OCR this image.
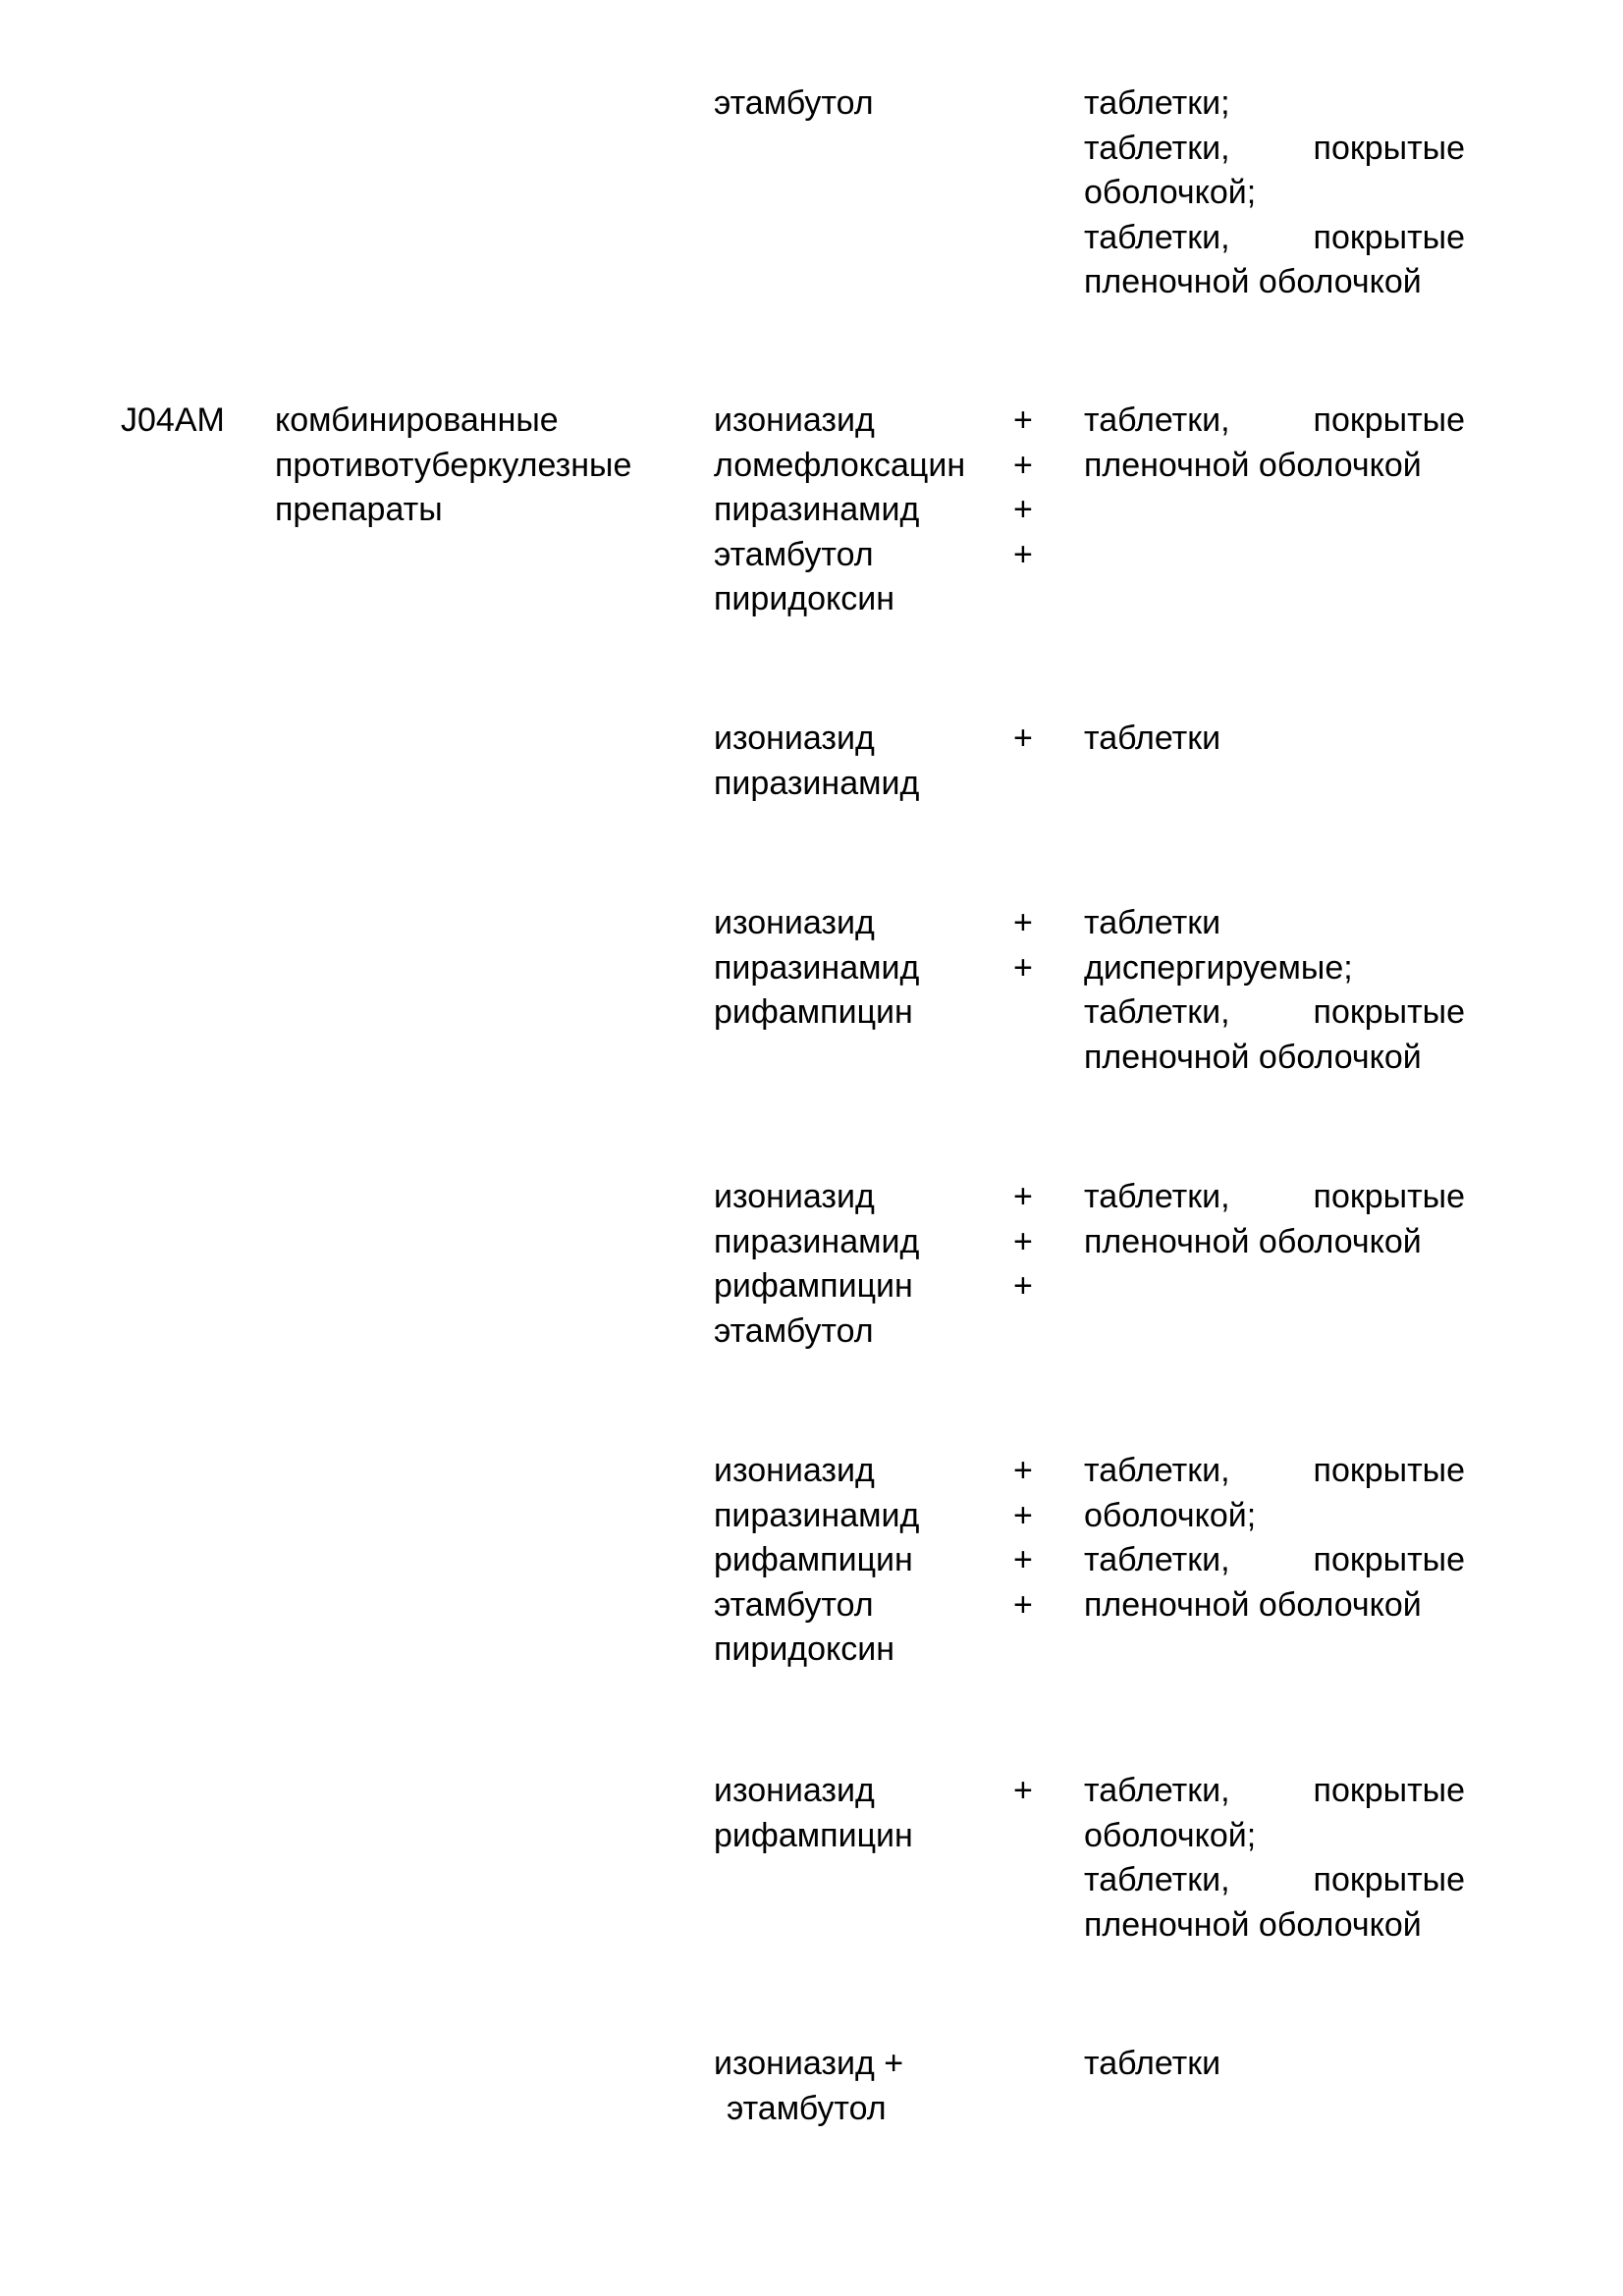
этамбутол	таблетки;
таблетки, покрытые
оболочкой;
таблетки, покрытые
пленочной оболочкой
J04AM	комбинированные
противотуберкулезные
препараты
изониазид
ломефлоксацин
пиразинамид
этамбутол
пиридоксин
+
+
+
+
таблетки, покрытые
пленочной оболочкой
изониазид
пиразинамид
+ таблетки
изониазид
пиразинамид
рифампицин
+
+
таблетки
диспергируемые;
таблетки, покрытые
пленочной оболочкой
изониазид
пиразинамид
рифампицин
этамбутол
+
+
+
таблетки, покрытые
пленочной оболочкой
изониазид
пиразинамид
рифампицин
этамбутол
пиридоксин
+
+
+
+
таблетки, покрытые
оболочкой;
таблетки, покрытые
пленочной оболочкой
изониазид
рифампицин
+ таблетки, покрытые
оболочкой;
таблетки, покрытые
пленочной оболочкой
изониазид +
этамбутол
таблетки
